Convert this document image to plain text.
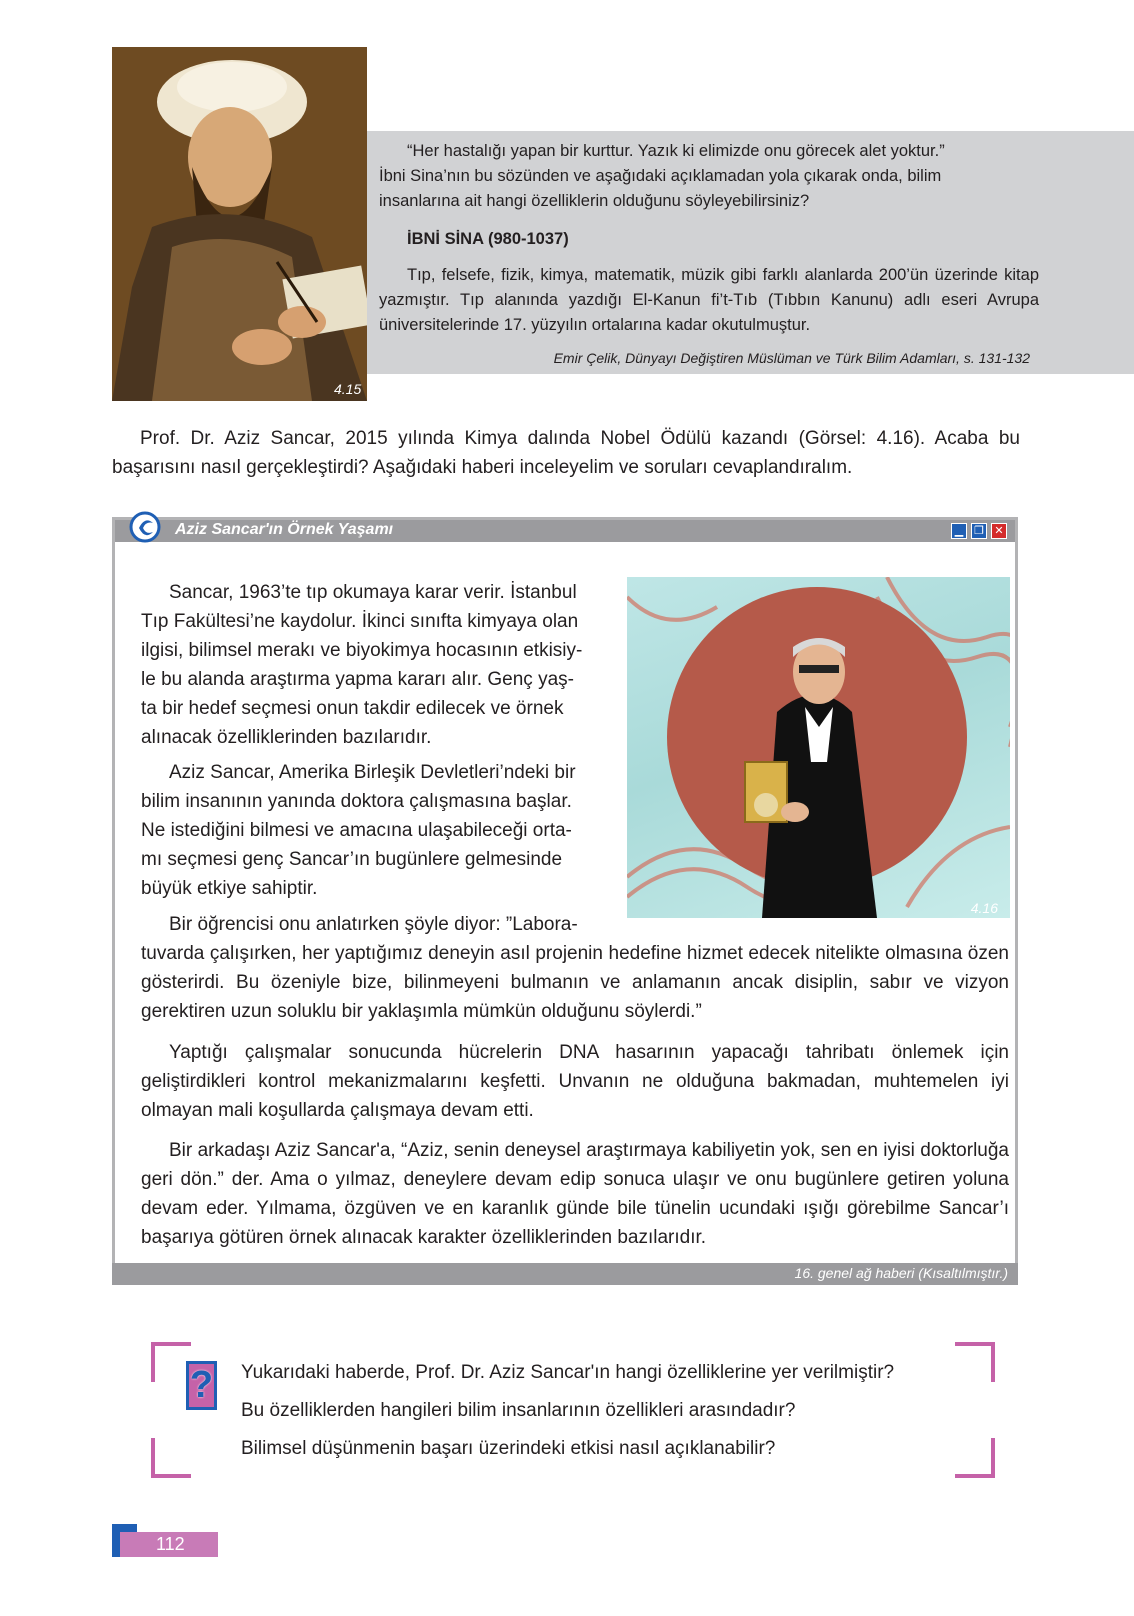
4.15

“Her hastalığı yapan bir kurttur. Yazık ki elimizde onu görecek alet yoktur.”

İbni Sina’nın bu sözünden ve aşağıdaki açıklamadan yola çıkarak onda, bilim

insanlarına ait hangi özelliklerin olduğunu söyleyebilirsiniz?

İBNİ SİNA (980-1037)

Tıp, felsefe, fizik, kimya, matematik, müzik gibi farklı alanlarda 200’ün üzerinde kitap yazmıştır. Tıp alanında yazdığı El-Kanun fi’t-Tıb (Tıbbın Kanunu) adlı eseri Avrupa üniversitelerinde 17. yüzyılın ortalarına kadar okutulmuştur.

Emir Çelik, Dünyayı Değiştiren Müslüman ve Türk Bilim Adamları, s. 131-132

Prof. Dr. Aziz Sancar, 2015 yılında Kimya dalında Nobel Ödülü kazandı (Görsel: 4.16). Acaba bu başarısını nasıl gerçekleştirdi? Aşağıdaki haberi inceleyelim ve soruları cevaplandıralım.

Aziz Sancar'ın Örnek Yaşamı	▁ ❐ ✕
16. genel ağ haberi (Kısaltılmıştır.)
4.16
Sancar, 1963’te tıp okumaya karar verir. İstanbul
Tıp Fakültesi’ne kaydolur. İkinci sınıfta kimyaya olan
ilgisi, bilimsel merakı ve biyokimya hocasının etkisiy-
le bu alanda araştırma yapma kararı alır. Genç yaş-
ta bir hedef seçmesi onun takdir edilecek ve örnek
alınacak özelliklerinden bazılarıdır.
Aziz Sancar, Amerika Birleşik Devletleri’ndeki bir
bilim insanının yanında doktora çalışmasına başlar.
Ne istediğini bilmesi ve amacına ulaşabileceği orta-
mı seçmesi genç Sancar’ın bugünlere gelmesinde
büyük etkiye sahiptir.
Bir öğrencisi onu anlatırken şöyle diyor: ”Labora-

tuvarda çalışırken, her yaptığımız deneyin asıl projenin hedefine hizmet edecek nitelikte olmasına özen gösterirdi. Bu özeniyle bize, bilinmeyeni bulmanın ve anlamanın ancak disiplin, sabır ve vizyon gerektiren uzun soluklu bir yaklaşımla mümkün olduğunu söylerdi.”

Yaptığı çalışmalar sonucunda hücrelerin DNA hasarının yapacağı tahribatı önlemek için geliştirdikleri kontrol mekanizmalarını keşfetti. Unvanın ne olduğuna bakmadan, muhtemelen iyi olmayan mali koşullarda çalışmaya devam etti.

Bir arkadaşı Aziz Sancar'a, “Aziz, senin deneysel araştırmaya kabiliyetin yok, sen en iyisi doktorluğa geri dön.” der. Ama o yılmaz, deneylere devam edip sonuca ulaşır ve onu bugünlere getiren yoluna devam eder. Yılmama, özgüven ve en karanlık günde bile tünelin ucundaki ışığı görebilme Sancar’ı başarıya götüren örnek alınacak karakter özelliklerinden bazılarıdır.

? Yukarıdaki haberde, Prof. Dr. Aziz Sancar'ın hangi özelliklerine yer verilmiştir?

Bu özelliklerden hangileri bilim insanlarının özellikleri arasındadır?

Bilimsel düşünmenin başarı üzerindeki etkisi nasıl açıklanabilir?

112
